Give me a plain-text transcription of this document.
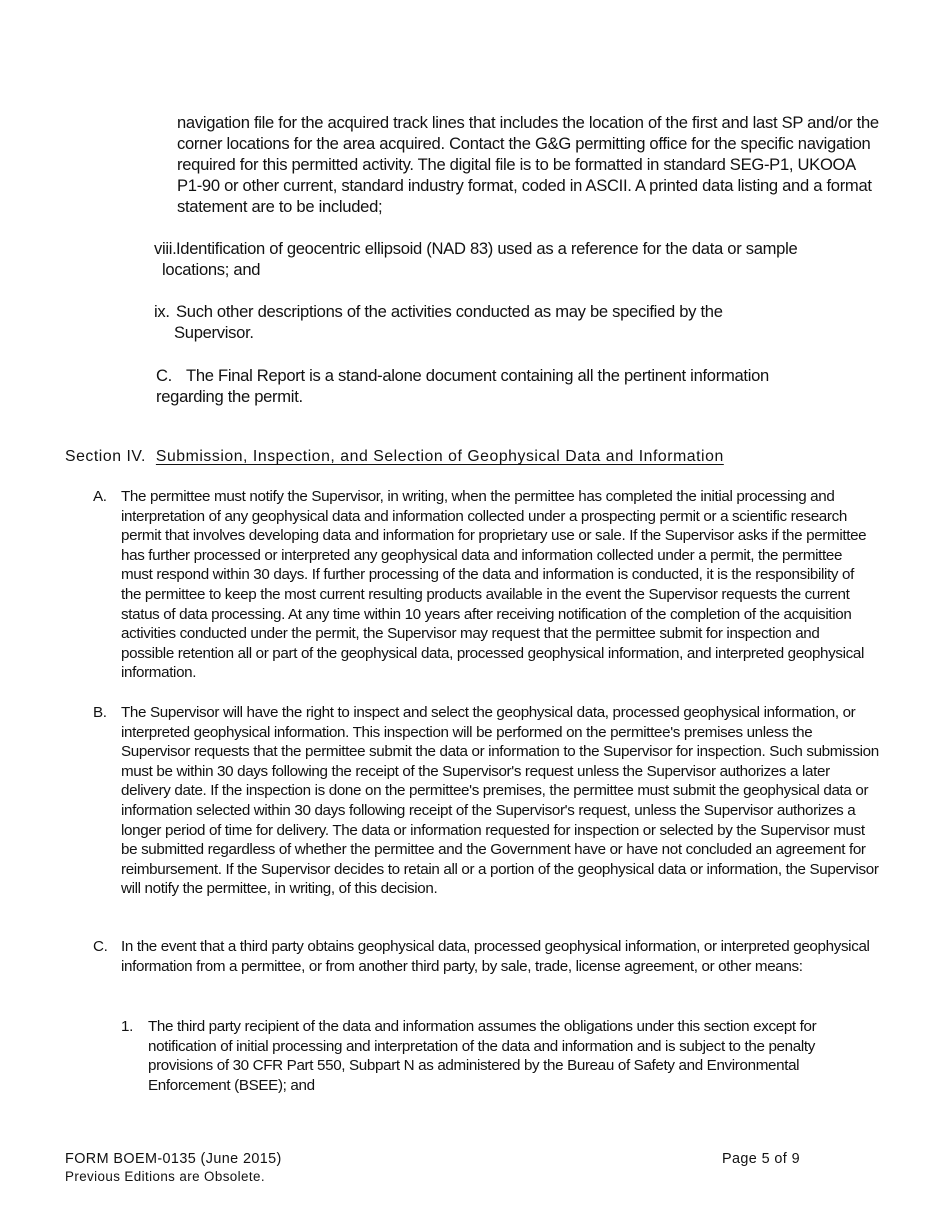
navigation file for the acquired track lines that includes the location of the first and last SP and/or the corner locations for the area acquired. Contact the G&G permitting office for the specific navigation required for this permitted activity. The digital file is to be formatted in standard SEG-P1, UKOOA P1-90 or other current, standard industry format, coded in ASCII. A printed data listing and a format statement are to be included;

viii. Identification of geocentric ellipsoid (NAD 83) used as a reference for the data or sample locations; and
ix. Such other descriptions of the activities conducted as may be specified by the Supervisor.
C. The Final Report is a stand-alone document containing all the pertinent information regarding the permit.
Section IV. Submission, Inspection, and Selection of Geophysical Data and Information
A. The permittee must notify the Supervisor, in writing, when the permittee has completed the initial processing and interpretation of any geophysical data and information collected under a prospecting permit or a scientific research permit that involves developing data and information for proprietary use or sale. If the Supervisor asks if the permittee has further processed or interpreted any geophysical data and information collected under a permit, the permittee must respond within 30 days. If further processing of the data and information is conducted, it is the responsibility of the permittee to keep the most current resulting products available in the event the Supervisor requests the current status of data processing. At any time within 10 years after receiving notification of the completion of the acquisition activities conducted under the permit, the Supervisor may request that the permittee submit for inspection and possible retention all or part of the geophysical data, processed geophysical information, and interpreted geophysical information.
B. The Supervisor will have the right to inspect and select the geophysical data, processed geophysical information, or interpreted geophysical information. This inspection will be performed on the permittee's premises unless the Supervisor requests that the permittee submit the data or information to the Supervisor for inspection. Such submission must be within 30 days following the receipt of the Supervisor's request unless the Supervisor authorizes a later delivery date. If the inspection is done on the permittee's premises, the permittee must submit the geophysical data or information selected within 30 days following receipt of the Supervisor's request, unless the Supervisor authorizes a longer period of time for delivery. The data or information requested for inspection or selected by the Supervisor must be submitted regardless of whether the permittee and the Government have or have not concluded an agreement for reimbursement. If the Supervisor decides to retain all or a portion of the geophysical data or information, the Supervisor will notify the permittee, in writing, of this decision.
C. In the event that a third party obtains geophysical data, processed geophysical information, or interpreted geophysical information from a permittee, or from another third party, by sale, trade, license agreement, or other means:
1. The third party recipient of the data and information assumes the obligations under this section except for notification of initial processing and interpretation of the data and information and is subject to the penalty provisions of 30 CFR Part 550, Subpart N as administered by the Bureau of Safety and Environmental Enforcement (BSEE); and
FORM BOEM-0135 (June 2015)
Previous Editions are Obsolete.
Page 5 of 9
